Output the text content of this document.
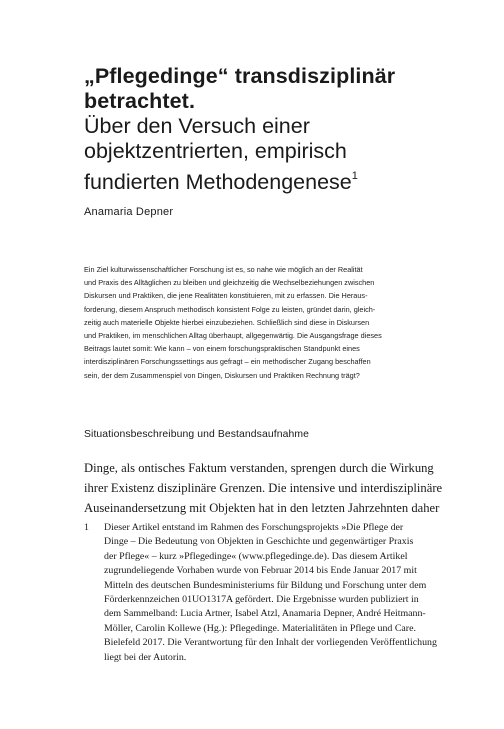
„Pflegedinge“ transdisziplinär
betrachtet.
Über den Versuch einer
objektzentrierten, empirisch
fundierten Methodengenese$^1$
Anamaria Depner
Ein Ziel kulturwissenschaftlicher Forschung ist es, so nahe wie möglich an der Realität
und Praxis des Alltäglichen zu bleiben und gleichzeitig die Wechselbeziehungen zwischen
Diskursen und Praktiken, die jene Realitäten konstituieren, mit zu erfassen. Die Heraus-
forderung, diesem Anspruch methodisch konsistent Folge zu leisten, gründet darin, gleich-
zeitig auch materielle Objekte hierbei einzubeziehen. Schließlich sind diese in Diskursen
und Praktiken, im menschlichen Alltag überhaupt, allgegenwärtig. Die Ausgangsfrage dieses
Beitrags lautet somit: Wie kann – von einem forschungspraktischen Standpunkt eines
interdisziplinären Forschungssettings aus gefragt – ein methodischer Zugang beschaffen
sein, der dem Zusammenspiel von Dingen, Diskursen und Praktiken Rechnung trägt?
Situationsbeschreibung und Bestandsaufnahme
Dinge, als ontisches Faktum verstanden, sprengen durch die Wirkung
ihrer Existenz disziplinäre Grenzen. Die intensive und interdisziplinäre
Auseinandersetzung mit Objekten hat in den letzten Jahrzehnten daher
1	Dieser Artikel entstand im Rahmen des Forschungsprojekts »Die Pflege der
Dinge – Die Bedeutung von Objekten in Geschichte und gegenwärtiger Praxis
der Pflege« – kurz »Pflegedinge« (www.pflegedinge.de). Das diesem Artikel
zugrundeliegende Vorhaben wurde von Februar 2014 bis Ende Januar 2017 mit
Mitteln des deutschen Bundesministeriums für Bildung und Forschung unter dem
Förderkennzeichen 01UO1317A gefördert. Die Ergebnisse wurden publiziert in
dem Sammelband: Lucia Artner, Isabel Atzl, Anamaria Depner, André Heitmann-
Möller, Carolin Kollewe (Hg.): Pflegedinge. Materialitäten in Pflege und Care.
Bielefeld 2017. Die Verantwortung für den Inhalt der vorliegenden Veröffentlichung
liegt bei der Autorin.
